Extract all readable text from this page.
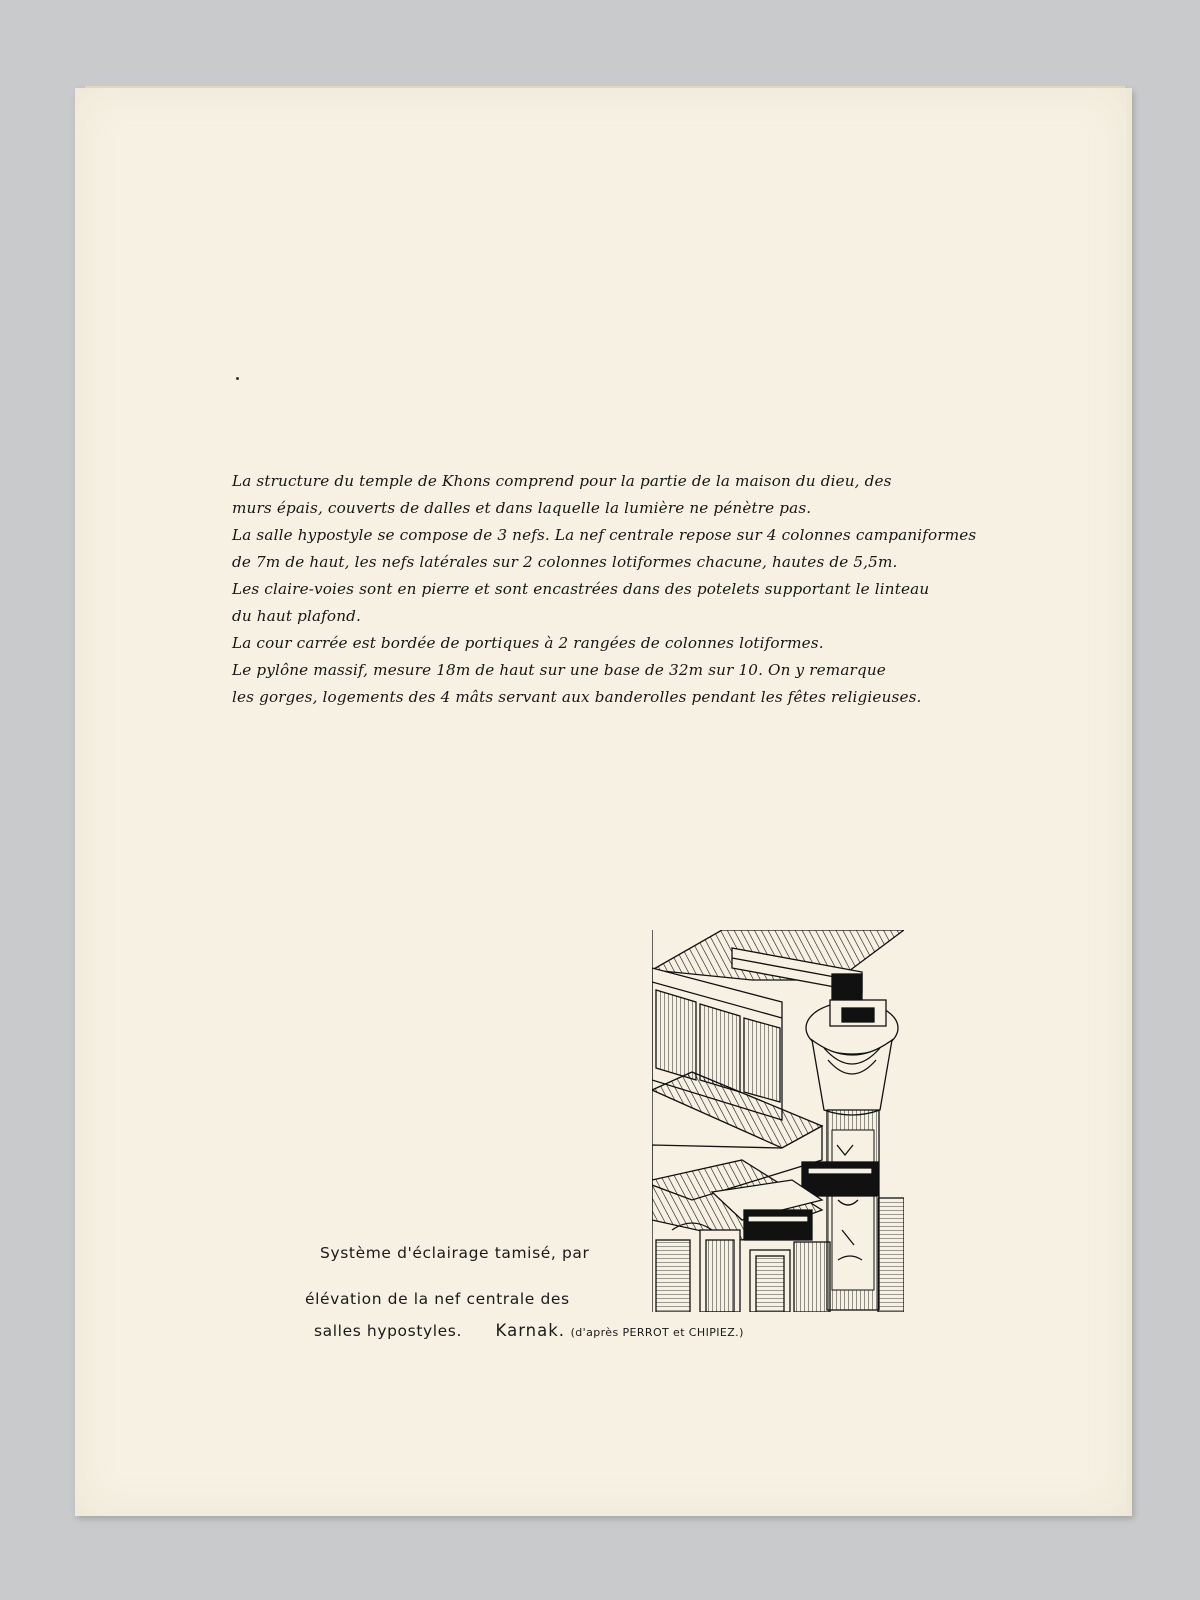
La structure du temple de Khons comprend pour la partie de la maison du dieu, des

murs épais, couverts de dalles et dans laquelle la lumière ne pénètre pas.

La salle hypostyle se compose de 3 nefs. La nef centrale repose sur 4 colonnes campaniformes

de 7m de haut, les nefs latérales sur 2 colonnes lotiformes chacune, hautes de 5,5m.

Les claire-voies sont en pierre et sont encastrées dans des potelets supportant le linteau

du haut plafond.

La cour carrée est bordée de portiques à 2 rangées de colonnes lotiformes.

Le pylône massif, mesure 18m de haut sur une base de 32m sur 10. On y remarque

les gorges, logements des 4 mâts servant aux banderolles pendant les fêtes religieuses.

Système d'éclairage tamisé, par
élévation de la nef centrale des
salles hypostyles. Karnak. (d'après PERROT et CHIPIEZ.)
